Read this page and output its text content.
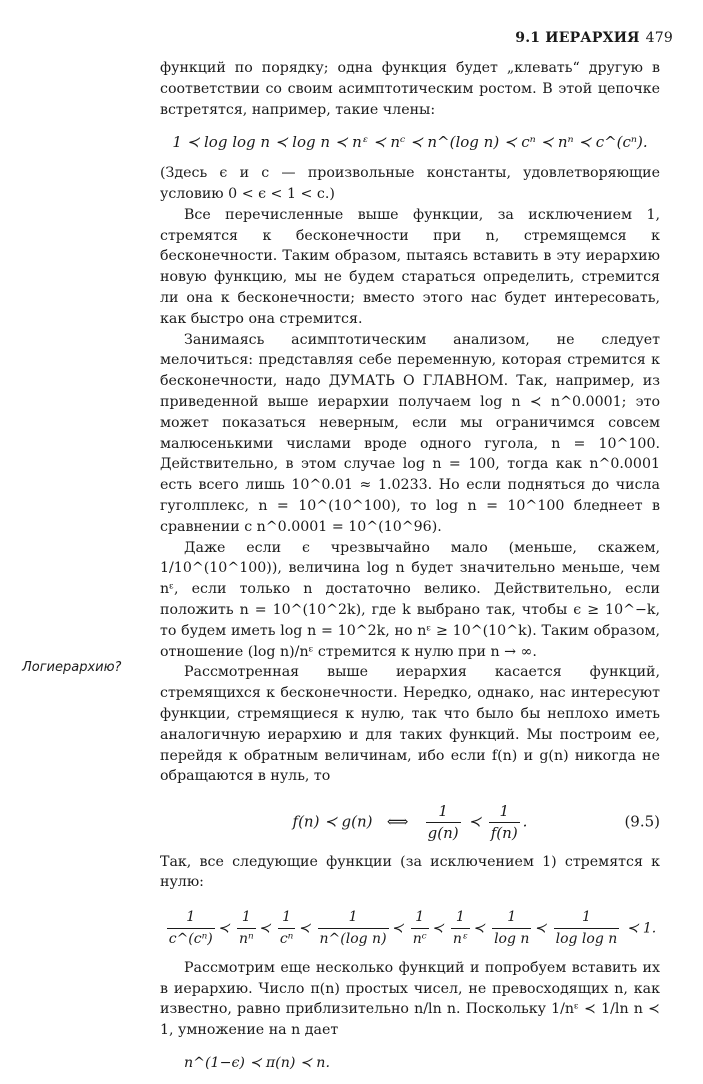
9.1 ИЕРАРХИЯ 479
Логиерархию?

функций по порядку; одна функция будет „клевать“ другую в соответствии со своим асимптотическим ростом. В этой цепочке встретятся, например, такие члены:

1 ≺ log log n ≺ log n ≺ nᵋ ≺ nᶜ ≺ n^(log n) ≺ cⁿ ≺ nⁿ ≺ c^(cⁿ).

(Здесь ϵ и c — произвольные константы, удовлетворяющие условию 0 < ϵ < 1 < c.)

Все перечисленные выше функции, за исключением 1, стремятся к бесконечности при n, стремящемся к бесконечности. Таким образом, пытаясь вставить в эту иерархию новую функцию, мы не будем стараться определить, стремится ли она к бесконечности; вместо этого нас будет интересовать, как быстро она стремится.

Занимаясь асимптотическим анализом, не следует мелочиться: представляя себе переменную, которая стремится к бесконечности, надо ДУМАТЬ О ГЛАВНОМ. Так, например, из приведенной выше иерархии получаем log n ≺ n^0.0001; это может показаться неверным, если мы ограничимся совсем малюсенькими числами вроде одного гугола, n = 10^100. Действительно, в этом случае log n = 100, тогда как n^0.0001 есть всего лишь 10^0.01 ≈ 1.0233. Но если подняться до числа гуголплекс, n = 10^(10^100), то log n = 10^100 бледнеет в сравнении с n^0.0001 = 10^(10^96).

Даже если ϵ чрезвычайно мало (меньше, скажем, 1/10^(10^100)), величина log n будет значительно меньше, чем nᵋ, если только n достаточно велико. Действительно, если положить n = 10^(10^2k), где k выбрано так, чтобы ϵ ≥ 10^−k, то будем иметь log n = 10^2k, но nᵋ ≥ 10^(10^k). Таким образом, отношение (log n)/nᵋ стремится к нулю при n → ∞.

Рассмотренная выше иерархия касается функций, стремящихся к бесконечности. Нередко, однако, нас интересуют функции, стремящиеся к нулю, так что было бы неплохо иметь аналогичную иерархию и для таких функций. Мы построим ее, перейдя к обратным величинам, ибо если f(n) и g(n) никогда не обращаются в нуль, то

f(n) ≺ g(n) ⟺ $\frac{1}{g(n)}$ ≺ $\frac{1}{f(n)}$ .	(9.5)

Так, все следующие функции (за исключением 1) стремятся к нулю:

$\frac{1}{\text{c\textasciicircum{}(cⁿ)}}$ ≺ $\frac{1}{\text{nⁿ}}$ ≺ $\frac{1}{\text{cⁿ}}$ ≺ $\frac{1}{\text{n\textasciicircum{}(log n)}}$ ≺ $\frac{1}{\text{nᶜ}}$ ≺ $\frac{1}{\text{nᵋ}}$ ≺ $\frac{1}{\text{log n}}$ ≺ $\frac{1}{\text{log log n}}$ ≺ 1.

Рассмотрим еще несколько функций и попробуем вставить их в иерархию. Число π(n) простых чисел, не превосходящих n, как известно, равно приблизительно n/ln n. Поскольку 1/nᵋ ≺ 1/ln n ≺ 1, умножение на n дает

n^(1−ϵ) ≺ π(n) ≺ n.
